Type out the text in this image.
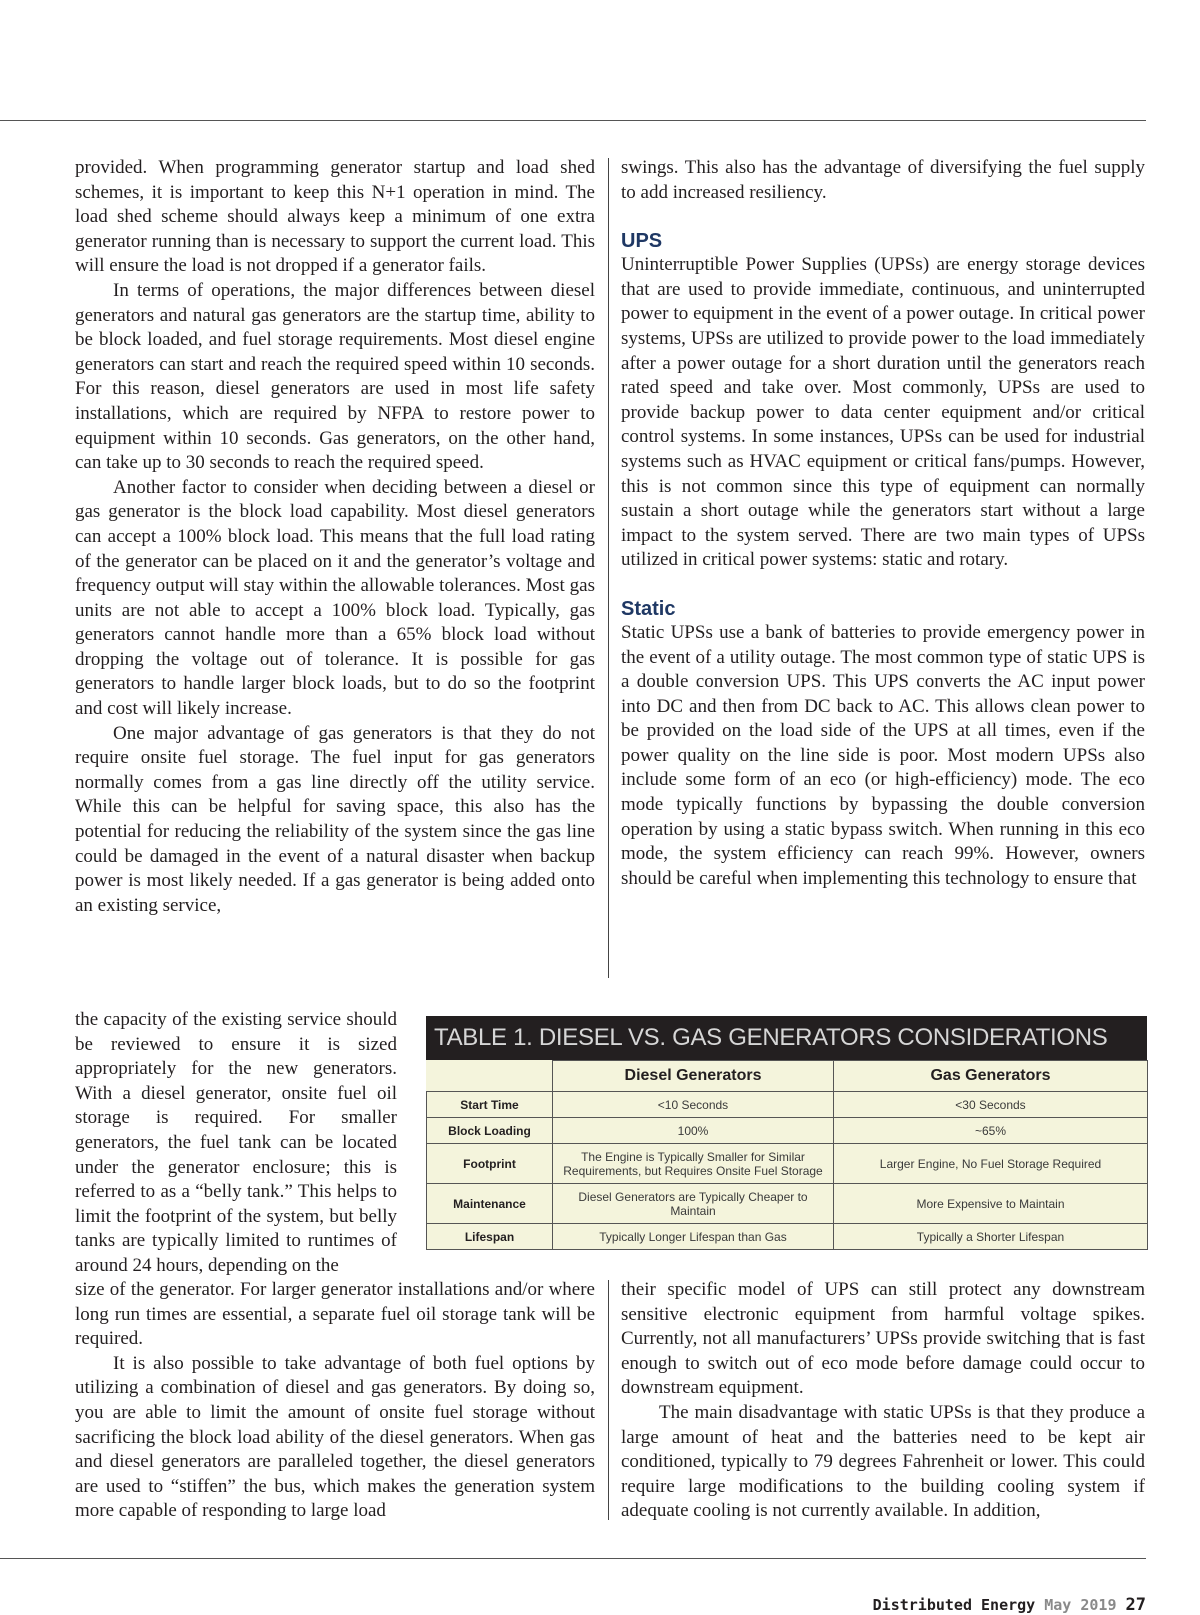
provided. When programming generator startup and load shed schemes, it is important to keep this N+1 operation in mind. The load shed scheme should always keep a minimum of one extra generator running than is necessary to support the current load. This will ensure the load is not dropped if a generator fails.

In terms of operations, the major differences between diesel generators and natural gas generators are the startup time, ability to be block loaded, and fuel storage requirements. Most diesel engine generators can start and reach the required speed within 10 seconds. For this reason, diesel generators are used in most life safety installations, which are required by NFPA to restore power to equipment within 10 seconds. Gas generators, on the other hand, can take up to 30 seconds to reach the required speed.

Another factor to consider when deciding between a diesel or gas generator is the block load capability. Most diesel generators can accept a 100% block load. This means that the full load rating of the generator can be placed on it and the generator’s voltage and frequency output will stay within the allowable tolerances. Most gas units are not able to accept a 100% block load. Typically, gas generators cannot handle more than a 65% block load without dropping the voltage out of tolerance. It is possible for gas generators to handle larger block loads, but to do so the footprint and cost will likely increase.

One major advantage of gas generators is that they do not require onsite fuel storage. The fuel input for gas generators normally comes from a gas line directly off the utility service. While this can be helpful for saving space, this also has the potential for reducing the reliability of the system since the gas line could be damaged in the event of a natural disaster when backup power is most likely needed. If a gas generator is being added onto an existing service,

the capacity of the existing service should be reviewed to ensure it is sized appropriately for the new generators. With a diesel generator, onsite fuel oil storage is required. For smaller generators, the fuel tank can be located under the generator enclosure; this is referred to as a “belly tank.” This helps to limit the footprint of the system, but belly tanks are typically limited to runtimes of around 24 hours, depending on the

size of the generator. For larger generator installations and/or where long run times are essential, a separate fuel oil storage tank will be required.

It is also possible to take advantage of both fuel options by utilizing a combination of diesel and gas generators. By doing so, you are able to limit the amount of onsite fuel storage without sacrificing the block load ability of the diesel generators. When gas and diesel generators are paralleled together, the diesel generators are used to “stiffen” the bus, which makes the generation system more capable of responding to large load

swings. This also has the advantage of diversifying the fuel supply to add increased resiliency.

UPS

Uninterruptible Power Supplies (UPSs) are energy storage devices that are used to provide immediate, continuous, and uninterrupted power to equipment in the event of a power outage. In critical power systems, UPSs are utilized to provide power to the load immediately after a power outage for a short duration until the generators reach rated speed and take over. Most commonly, UPSs are used to provide backup power to data center equipment and/or critical control systems. In some instances, UPSs can be used for industrial systems such as HVAC equipment or critical fans/pumps. However, this is not common since this type of equipment can normally sustain a short outage while the generators start without a large impact to the system served. There are two main types of UPSs utilized in critical power systems: static and rotary.

Static

Static UPSs use a bank of batteries to provide emergency power in the event of a utility outage. The most common type of static UPS is a double conversion UPS. This UPS converts the AC input power into DC and then from DC back to AC. This allows clean power to be provided on the load side of the UPS at all times, even if the power quality on the line side is poor. Most modern UPSs also include some form of an eco (or high-efficiency) mode. The eco mode typically functions by bypassing the double conversion operation by using a static bypass switch. When running in this eco mode, the system efficiency can reach 99%. However, owners should be careful when implementing this technology to ensure that

TABLE 1. DIESEL VS. GAS GENERATORS CONSIDERATIONS
	Diesel Generators	Gas Generators
Start Time	<10 Seconds	<30 Seconds
Block Loading	100%	~65%
Footprint	The Engine is Typically Smaller for Similar Requirements, but Requires Onsite Fuel Storage	Larger Engine, No Fuel Storage Required
Maintenance	Diesel Generators are Typically Cheaper to Maintain	More Expensive to Maintain
Lifespan	Typically Longer Lifespan than Gas	Typically a Shorter Lifespan

their specific model of UPS can still protect any downstream sensitive electronic equipment from harmful voltage spikes. Currently, not all manufacturers’ UPSs provide switching that is fast enough to switch out of eco mode before damage could occur to downstream equipment.

The main disadvantage with static UPSs is that they produce a large amount of heat and the batteries need to be kept air conditioned, typically to 79 degrees Fahrenheit or lower. This could require large modifications to the building cooling system if adequate cooling is not currently available. In addition,

Distributed Energy May 2019 27
